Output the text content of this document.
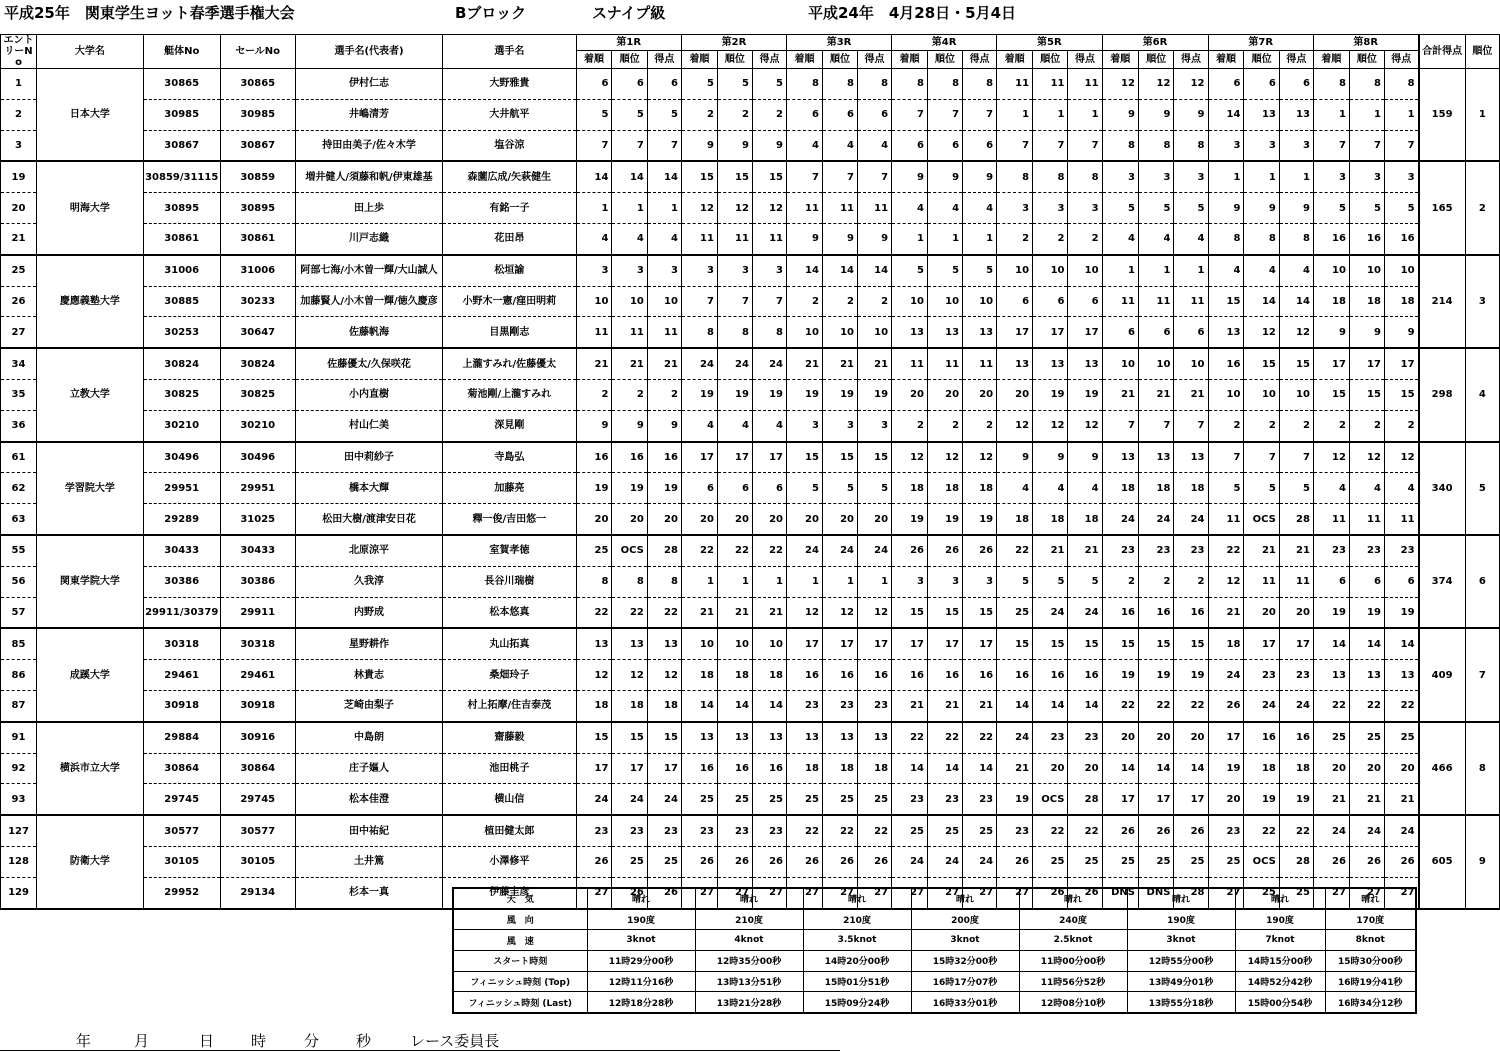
平成25年　関東学生ヨット春季選手権大会	Bブロック	スナイプ級	平成24年　4月28日・5月4日
エントリーNo	大学名	艇体No	セールNo	選手名(代表者)	選手名	第1R			第2R			第3R			第4R			第5R			第6R			第7R			第8R			合計得点	順位
						着順	順位	得点	着順	順位	得点	着順	順位	得点	着順	順位	得点	着順	順位	得点	着順	順位	得点	着順	順位	得点	着順	順位	得点		
1	日本大学	30865	30865	伊村仁志	大野雅貴	6	6	6	5	5	5	8	8	8	8	8	8	11	11	11	12	12	12	6	6	6	8	8	8	159	1
2		30985	30985	井嶋清芳	大井航平	5	5	5	2	2	2	6	6	6	7	7	7	1	1	1	9	9	9	14	13	13	1	1	1		
3		30867	30867	持田由美子/佐々木学	塩谷涼	7	7	7	9	9	9	4	4	4	6	6	6	7	7	7	8	8	8	3	3	3	7	7	7		
19	明海大学	30859/31115	30859	増井健人/須藤和帆/伊東雄基	森薗広成/矢萩健生	14	14	14	15	15	15	7	7	7	9	9	9	8	8	8	3	3	3	1	1	1	3	3	3	165	2
20		30895	30895	田上歩	有銘一子	1	1	1	12	12	12	11	11	11	4	4	4	3	3	3	5	5	5	9	9	9	5	5	5		
21		30861	30861	川戸志織	花田昂	4	4	4	11	11	11	9	9	9	1	1	1	2	2	2	4	4	4	8	8	8	16	16	16		
25	慶應義塾大学	31006	31006	阿部七海/小木曽一輝/大山誠人	松垣諭	3	3	3	3	3	3	14	14	14	5	5	5	10	10	10	1	1	1	4	4	4	10	10	10	214	3
26		30885	30233	加藤賢人/小木曽一輝/徳久慶彦	小野木一憲/窪田明莉	10	10	10	7	7	7	2	2	2	10	10	10	6	6	6	11	11	11	15	14	14	18	18	18		
27		30253	30647	佐藤帆海	目黒剛志	11	11	11	8	8	8	10	10	10	13	13	13	17	17	17	6	6	6	13	12	12	9	9	9		
34	立教大学	30824	30824	佐藤優太/久保咲花	上瀧すみれ/佐藤優太	21	21	21	24	24	24	21	21	21	11	11	11	13	13	13	10	10	10	16	15	15	17	17	17	298	4
35		30825	30825	小内直樹	菊池剛/上瀧すみれ	2	2	2	19	19	19	19	19	19	20	20	20	20	19	19	21	21	21	10	10	10	15	15	15		
36		30210	30210	村山仁美	深見剛	9	9	9	4	4	4	3	3	3	2	2	2	12	12	12	7	7	7	2	2	2	2	2	2		
61	学習院大学	30496	30496	田中莉紗子	寺島弘	16	16	16	17	17	17	15	15	15	12	12	12	9	9	9	13	13	13	7	7	7	12	12	12	340	5
62		29951	29951	橋本大輝	加藤亮	19	19	19	6	6	6	5	5	5	18	18	18	4	4	4	18	18	18	5	5	5	4	4	4		
63		29289	31025	松田大樹/渡津安日花	釋一俊/吉田悠一	20	20	20	20	20	20	20	20	20	19	19	19	18	18	18	24	24	24	11	OCS	28	11	11	11		
55	関東学院大学	30433	30433	北原涼平	室賀孝徳	25	OCS	28	22	22	22	24	24	24	26	26	26	22	21	21	23	23	23	22	21	21	23	23	23	374	6
56		30386	30386	久我淳	長谷川瑞樹	8	8	8	1	1	1	1	1	1	3	3	3	5	5	5	2	2	2	12	11	11	6	6	6		
57		29911/30379	29911	内野成	松本悠真	22	22	22	21	21	21	12	12	12	15	15	15	25	24	24	16	16	16	21	20	20	19	19	19		
85	成蹊大学	30318	30318	星野耕作	丸山拓真	13	13	13	10	10	10	17	17	17	17	17	17	15	15	15	15	15	15	18	17	17	14	14	14	409	7
86		29461	29461	林貴志	桑畑玲子	12	12	12	18	18	18	16	16	16	16	16	16	16	16	16	19	19	19	24	23	23	13	13	13		
87		30918	30918	芝崎由梨子	村上拓摩/住吉泰茂	18	18	18	14	14	14	23	23	23	21	21	21	14	14	14	22	22	22	26	24	24	22	22	22		
91	横浜市立大学	29884	30916	中島朗	齋藤毅	15	15	15	13	13	13	13	13	13	22	22	22	24	23	23	20	20	20	17	16	16	25	25	25	466	8
92		30864	30864	庄子嫗人	池田桃子	17	17	17	16	16	16	18	18	18	14	14	14	21	20	20	14	14	14	19	18	18	20	20	20		
93		29745	29745	松本佳澄	横山信	24	24	24	25	25	25	25	25	25	23	23	23	19	OCS	28	17	17	17	20	19	19	21	21	21		
127	防衛大学	30577	30577	田中祐紀	植田健太郎	23	23	23	23	23	23	22	22	22	25	25	25	23	22	22	26	26	26	23	22	22	24	24	24	605	9
128		30105	30105	土井篤	小澤修平	26	25	25	26	26	26	26	26	26	24	24	24	26	25	25	25	25	25	25	OCS	28	26	26	26		
129		29952	29134	杉本一真	伊藤圭彦	27	26	26	27	27	27	27	27	27	27	27	27	27	26	26	DNS	DNS	28	27	25	25	27	27	27		
天　気	晴れ	晴れ	晴れ	晴れ	晴れ	晴れ	晴れ	晴れ
風　向	190度	210度	210度	200度	240度	190度	190度	170度
風　速	3knot	4knot	3.5knot	3knot	2.5knot	3knot	7knot	8knot
スタート時刻	11時29分00秒	12時35分00秒	14時20分00秒	15時32分00秒	11時00分00秒	12時55分00秒	14時15分00秒	15時30分00秒
フィニッシュ時刻 (Top)	12時11分16秒	13時13分51秒	15時01分51秒	16時17分07秒	11時56分52秒	13時49分01秒	14時52分42秒	16時19分41秒
フィニッシュ時刻 (Last)	12時18分28秒	13時21分28秒	15時09分24秒	16時33分01秒	12時08分10秒	13時55分18秒	15時00分54秒	16時34分12秒
年	月	日 時	分 秒	レース委員長
